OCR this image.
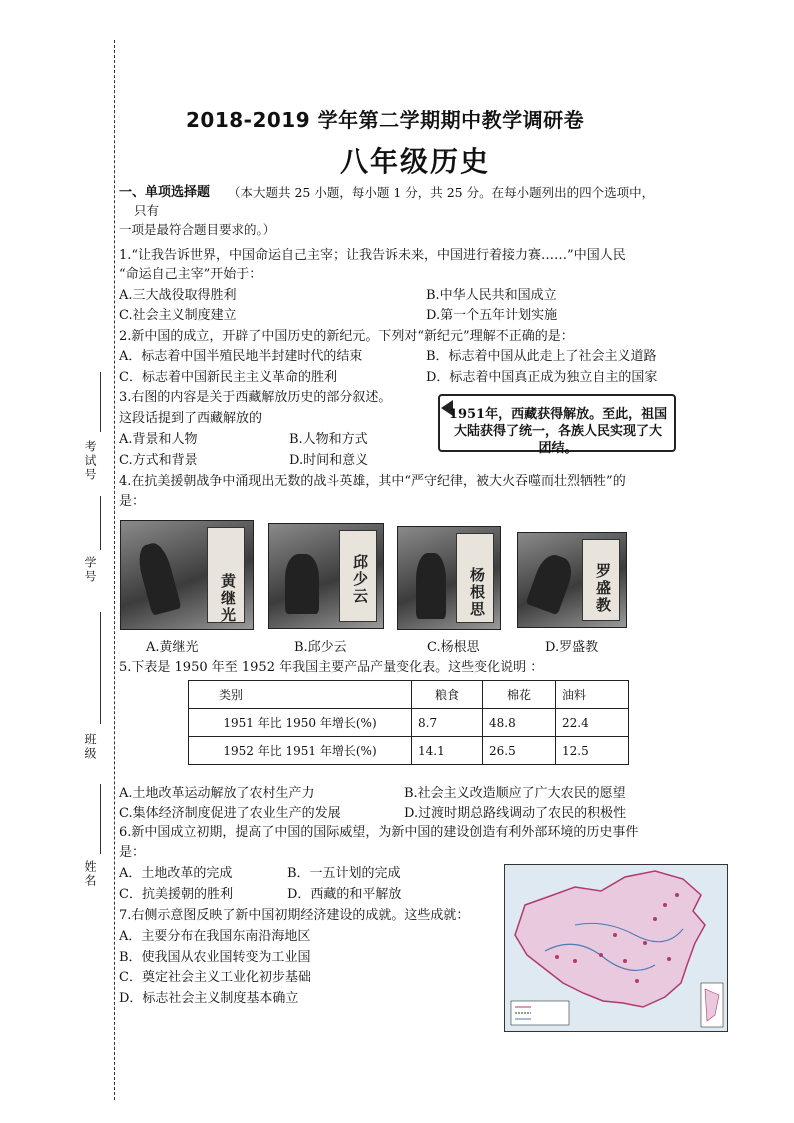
考试号
学号
班级
姓名
2018-2019 学年第二学期期中教学调研卷
八年级历史
一、单项选择题 （本大题共 25 小题，每小题 1 分，共 25 分。在每小题列出的四个选项中，
只有
一项是最符合题目要求的。）
1.“让我告诉世界，中国命运自己主宰；让我告诉未来，中国进行着接力赛……”中国人民
“命运自己主宰”开始于：
A.三大战役取得胜利	B.中华人民共和国成立
C.社会主义制度建立	D.第一个五年计划实施
2.新中国的成立，开辟了中国历史的新纪元。下列对“新纪元”理解不正确的是：
A．标志着中国半殖民地半封建时代的结束	B．标志着中国从此走上了社会主义道路
C．标志着中国新民主主义革命的胜利	D．标志着中国真正成为独立自主的国家
3.右图的内容是关于西藏解放历史的部分叙述。
这段话提到了西藏解放的	1951年，西藏获得解放。至此，祖国大陆获得了统一，各族人民实现了大团结。
A.背景和人物	B.人物和方式
C.方式和背景	D.时间和意义
4.在抗美援朝战争中涌现出无数的战斗英雄，其中“严守纪律，被大火吞噬而壮烈牺牲”的
是：
黄继光	邱少云	杨根思	罗盛教
A.黄继光	B.邱少云	C.杨根思	D.罗盛教
5.下表是 1950 年至 1952 年我国主要产品产量变化表。这些变化说明 ：
类别	粮食	棉花	油料
1951 年比 1950 年增长(%)	8.7	48.8	22.4
1952 年比 1951 年增长(%)	14.1	26.5	12.5
A.土地改革运动解放了农村生产力	B.社会主义改造顺应了广大农民的愿望
C.集体经济制度促进了农业生产的发展	D.过渡时期总路线调动了农民的积极性
6.新中国成立初期，提高了中国的国际威望，为新中国的建设创造有利外部环境的历史事件
是：
A．土地改革的完成	B．一五计划的完成
C．抗美援朝的胜利	D．西藏的和平解放
7.右侧示意图反映了新中国初期经济建设的成就。这些成就：
A．主要分布在我国东南沿海地区
B．使我国从农业国转变为工业国
C．奠定社会主义工业化初步基础
D．标志社会主义制度基本确立
